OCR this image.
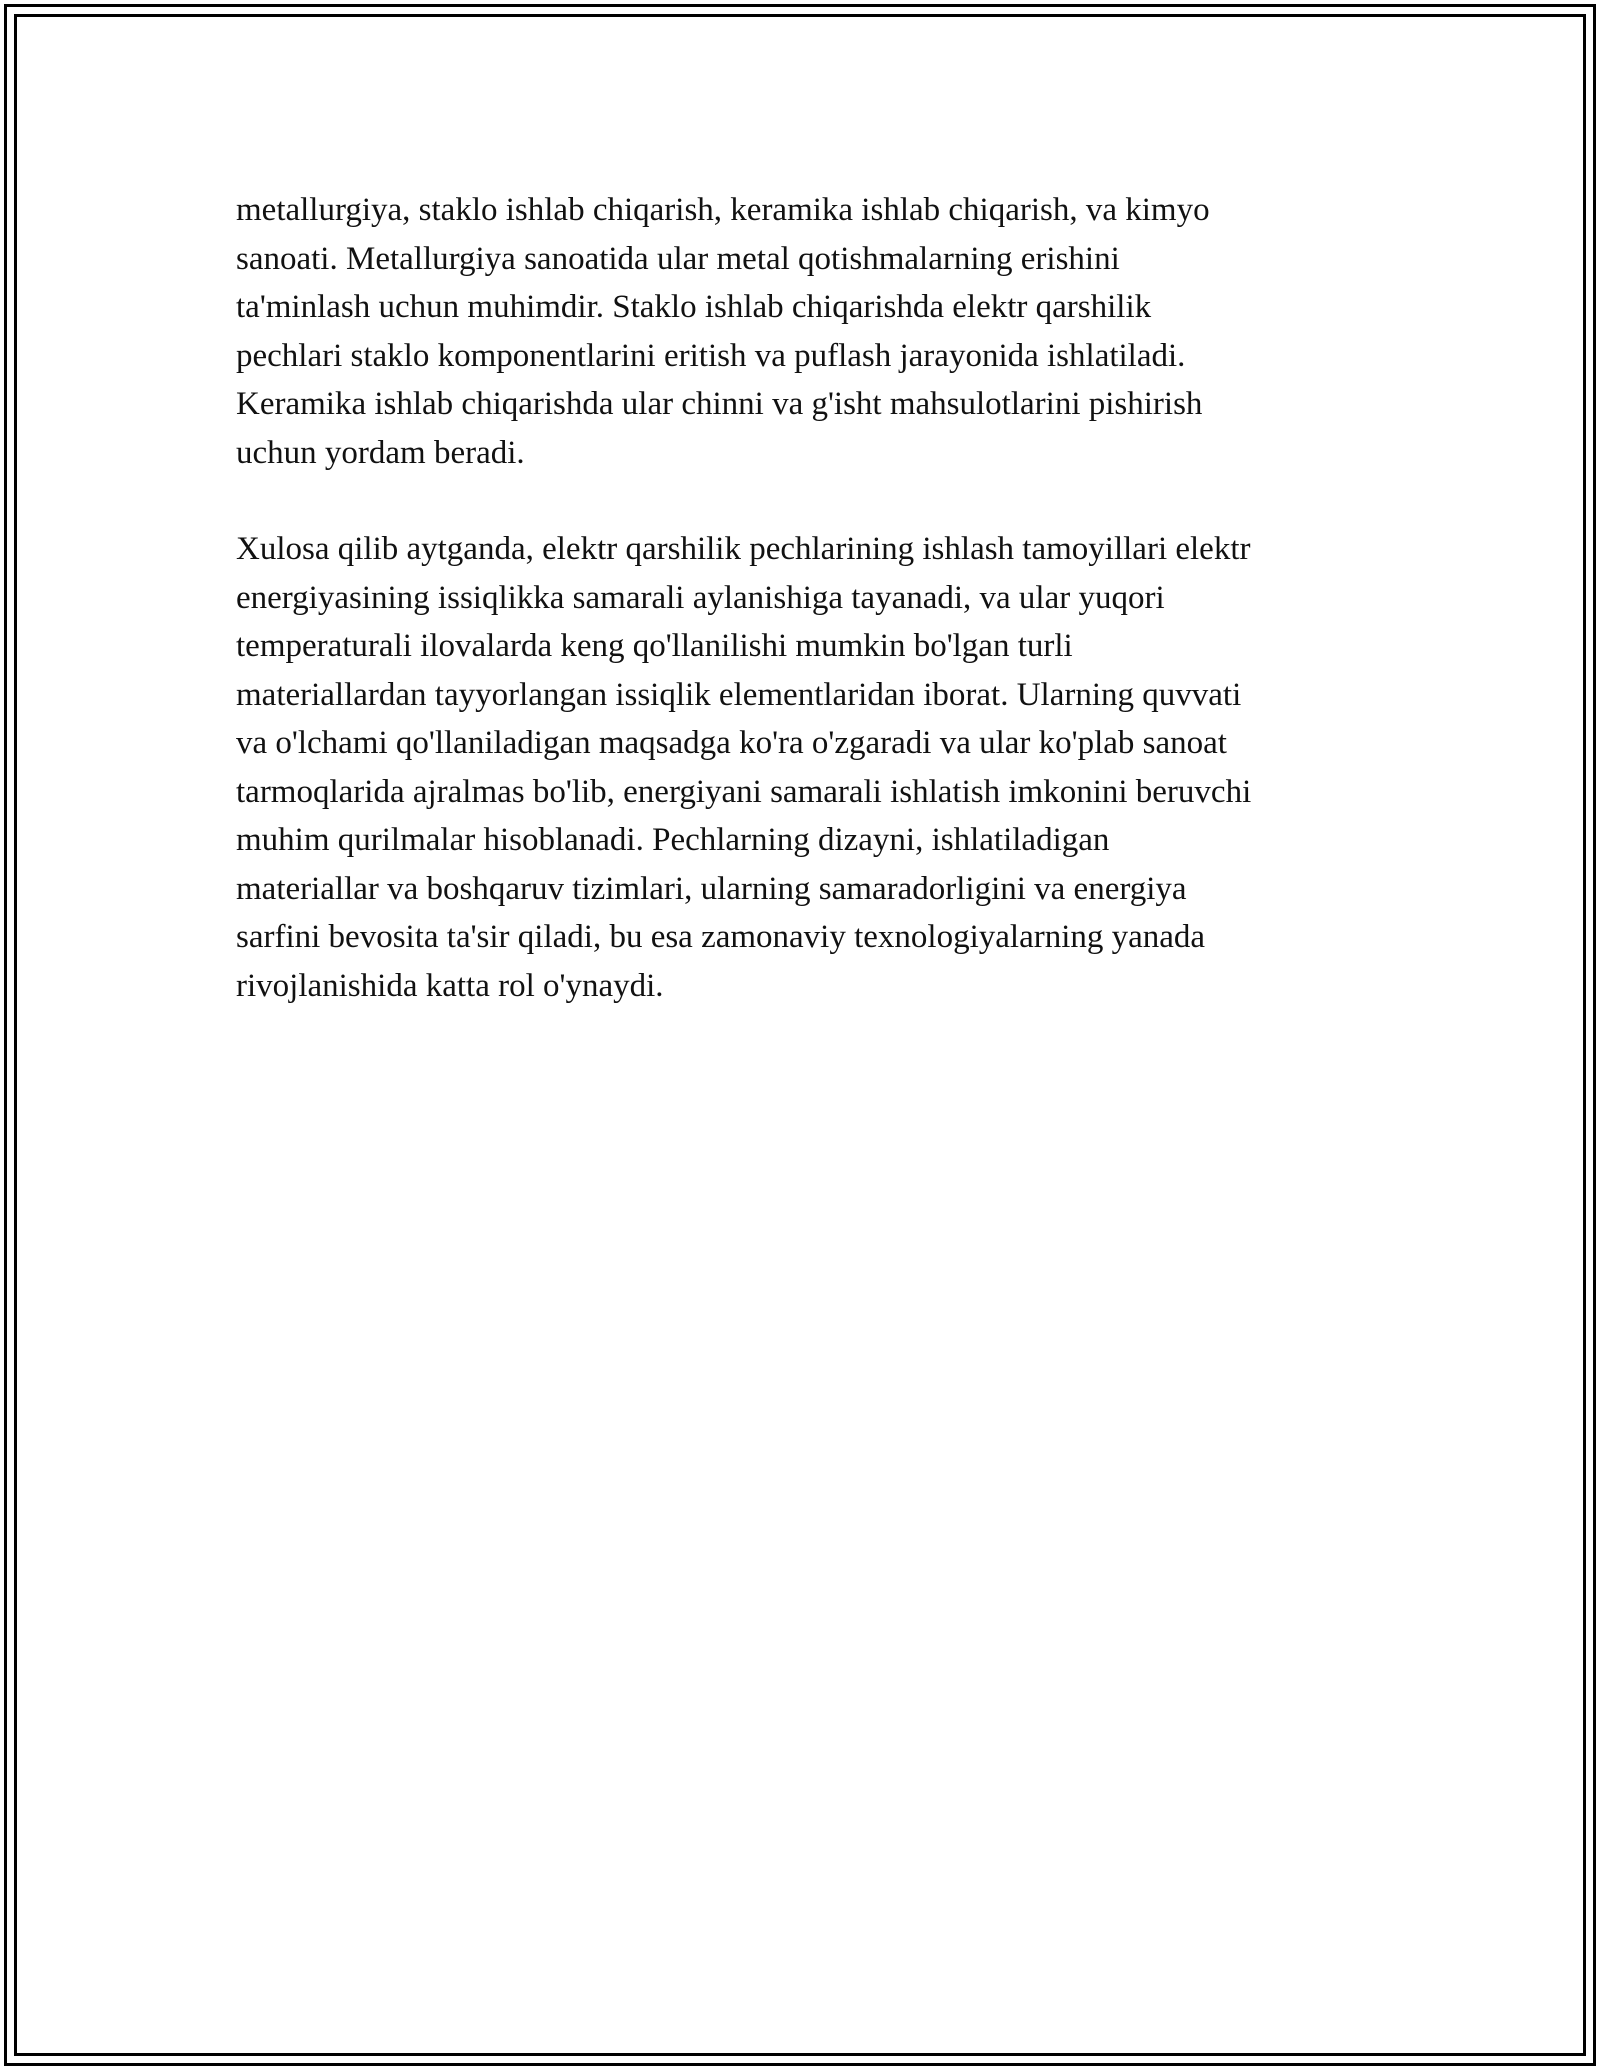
metallurgiya, staklo ishlab chiqarish, keramika ishlab chiqarish, va kimyo
sanoati. Metallurgiya sanoatida ular metal qotishmalarning erishini
ta'minlash uchun muhimdir. Staklo ishlab chiqarishda elektr qarshilik
pechlari staklo komponentlarini eritish va puflash jarayonida ishlatiladi.
Keramika ishlab chiqarishda ular chinni va g'isht mahsulotlarini pishirish
uchun yordam beradi.

Xulosa qilib aytganda, elektr qarshilik pechlarining ishlash tamoyillari elektr
energiyasining issiqlikka samarali aylanishiga tayanadi, va ular yuqori
temperaturali ilovalarda keng qo'llanilishi mumkin bo'lgan turli
materiallardan tayyorlangan issiqlik elementlaridan iborat. Ularning quvvati
va o'lchami qo'llaniladigan maqsadga ko'ra o'zgaradi va ular ko'plab sanoat
tarmoqlarida ajralmas bo'lib, energiyani samarali ishlatish imkonini beruvchi
muhim qurilmalar hisoblanadi. Pechlarning dizayni, ishlatiladigan
materiallar va boshqaruv tizimlari, ularning samaradorligini va energiya
sarfini bevosita ta'sir qiladi, bu esa zamonaviy texnologiyalarning yanada
rivojlanishida katta rol o'ynaydi.
